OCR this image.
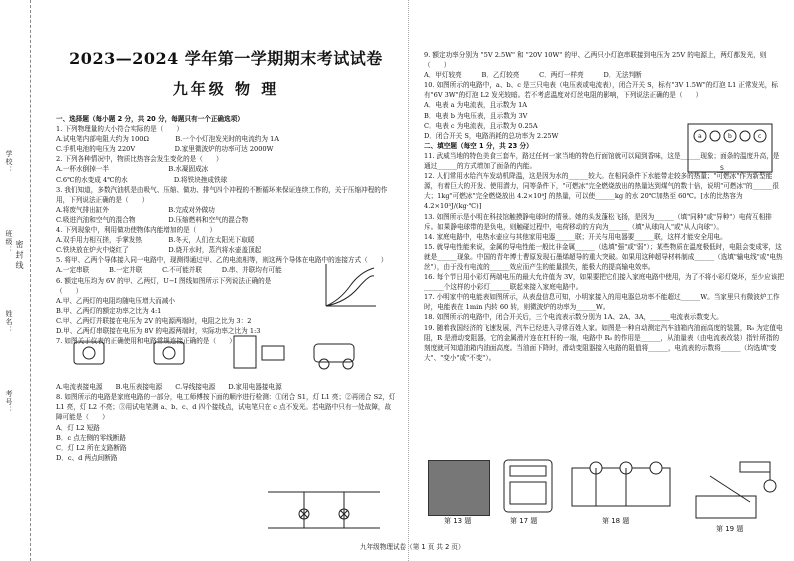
学校：
班级：
姓名：
考号：
密 封 线
2023—2024 学年第一学期期末考试试卷
九年级 物 理

一、选择题（每小题 2 分，共 20 分，每题只有一个正确选项）

1. 下列物理量的大小符合实际的是（　　）

A.试电笔内部电阻大约为 100Ω　　　　B.一个小灯泡发光时的电流约为 1A

C.手机电池的电压为 220V　　　　　　D.家里微波炉的功率可达 2000W

2. 下列各种情况中，物质比热容会发生变化的是（　　）

A.一杯水倒掉一半　　　　　　　　　B.水凝固成冰

C.6℃的水变成 4℃的水　　　　　　　D.将铁块挫成铁球

3. 我们知道，多数汽油机是由吸气、压缩、做功、排气四个冲程的不断循环来保证连续工作的，关于压缩冲程的作用，下列说法正确的是（　　）

A.将废气排出缸外　　　　　　　　　B.完成对外做功

C.吸进汽油和空气的混合物　　　　　D.压缩燃料和空气的混合物

4. 下列现象中，利用做功使物体内能增加的是（　　）

A.双手用力相互搓，手掌发热　　　　B.冬天，人们在太阳光下取暖

C.铁块放在炉火中烧红了　　　　　　D.烧开水时，蒸汽将水壶盖顶起

5. 将甲、乙两个导体接入同一电路中，现测得通过甲、乙的电流相等，则这两个导体在电路中的连接方式（　　）

A.一定串联　　　B.一定并联　　　C.不可能并联　　　D.串、并联均有可能

6. 额定电压均为 6V 的甲、乙两灯，U−I 图线如图所示下列说法正确的是（　　）

A.甲、乙两灯的电阻均随电压增大而减小

B.甲、乙两灯的额定功率之比为 4:1

C.甲、乙两灯并联接在电压为 2V 的电源两端时，电阻之比为 3：2

D.甲、乙两灯串联接在电压为 8V 的电源两端时，实际功率之比为 1:3

7. 如图关于仪表的正确使用和电路常规连接正确的是（　　）

A.电流表接电源　　B.电压表接电源　　C.导线接电源　　D.家用电器接电源

8. 如图所示的电路是家庭电路的一部分，电工师傅按下面的顺序进行检测：①闭合 S1，灯 L1 亮；②再闭合 S2，灯 L1 亮，灯 L2 不亮；③用试电笔测 a、b、c、d 四个接线点，试电笔只在 c 点不发光。若电路中只有一处故障，故障可能是（　　）

A．灯 L2 短路

B．c 点左侧的零线断路

C．灯 L2 所在支路断路

D．c、d 两点间断路

9. 额定功率分别为 "5V 2.5W" 和 "20V 10W" 的甲、乙两只小灯泡串联接到电压为 25V 的电源上，两灯都发光，则（　　）

A．甲灯较亮　　　B．乙灯较亮　　　C．两灯一样亮　　　D．无法判断

10. 如图所示的电路中，a、b、c 是三只电表（电压表或电流表），闭合开关 S，标有"3V 1.5W"的灯泡 L1 正常发光，标有"6V 3W"的灯泡 L2 发光较暗。若不考虑温度对灯丝电阻的影响，下列说法正确的是（　　）

A．电表 a 为电流表，且示数为 1A

B．电表 b 为电压表，且示数为 3V

C．电表 c 为电流表，且示数为 0.25A

D．闭合开关 S，电路消耗的总功率为 2.25W

二、填空题（每空 1 分，共 23 分）

11. 武威当地的特色美食三套车，路过任何一家当地的特色行面馆就可以闻到香味，这是______现象；面条的温度升高，是通过______的方式增加了面条的内能。

12. 人们常用水给汽车发动机降温，这是因为水的______较大。在相同条件下水能带走较多的热量；"可燃冰"作为新型能源，有着巨大的开发、使用潜力，同等条件下，"可燃冰"完全燃烧放出的热量达到煤气的数十倍，说明"可燃冰"的______很大；1kg"可燃冰"完全燃烧放出 4.2×10⁸J 的热量，可以使______kg 的水 20℃加热至 60℃。[水的比热容为 4.2×10³J/(kg·℃)]

13. 如图所示是小明在科技馆触摸静电球时的情景。她的头发蓬松飞扬，是因为______（填"同种"或"异种"）电荷互相排斥。如果静电球带的是负电，则触碰过程中，电荷移动的方向为______（填"从球向人"或"从人向球"）。

14. 家庭电路中，电热水壶应与其他家用电器______联；开关与用电器要______联，这样才能安全用电。

15. 就导电性能来说，金属的导电性能一般比非金属______（选填"强"或"弱"）；某些物质在温度极低时，电阻会变成零，这就是______现象。中国的青年博士曹原发现石墨烯超导的重大突破。如果用这种超导材料制成______（选填"输电线"或"电热丝"），由于没有电流的______效应而产生的能量损失，能极大的提高输电效率。

16. 每个节日用小彩灯两端电压的最大允许值为 3V，如果要把它们接入家庭电路中使用，为了不将小彩灯烧坏，至少应该把______个这样的小彩灯______联起来接入家庭电路中。

17. 小明家中的电能表如图所示，从表盘信息可知，小明家接入的用电器总功率不能超过______W。当家里只有微波炉工作时，电能表在 1min 内转 60 转，则微波炉的功率为______W。

18. 如图所示的电路中，闭合开关后，三个电流表示数分别为 1A、2A、3A，______电流表示数变大。

19. 随着我国经济的飞速发展，汽车已经进入寻常百姓人家。如图是一种自动测定汽车油箱内油面高度的装置，R₀ 为定值电阻，R 是滑动变阻器，它的金属滑片连在杠杆的一端，电路中 R₀ 的作用是______，从油量表（由电流表改装）指针所指的刻度就可知道油箱内油面高度。当油面下降时，滑动变阻器接入电路的阻值将______，电流表的示数将______（均选填"变大"、"变小"或"不变"）。

a	b	c
S
第 13 题	第 17 题	第 18 题
第 19 题
九年级物理试卷（第 1 页 共 2 页）
